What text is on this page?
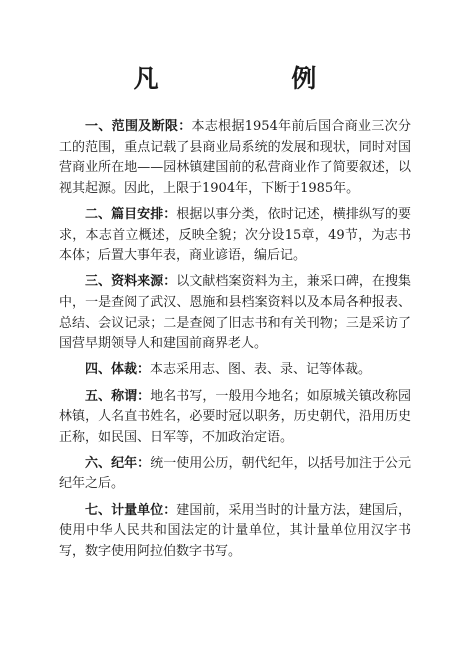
凡 例

一、范围及断限：本志根据1954年前后国合商业三次分工的范围，重点记载了县商业局系统的发展和现状，同时对国营商业所在地——园林镇建国前的私营商业作了简要叙述，以视其起源。因此，上限于1904年，下断于1985年。

二、篇目安排：根据以事分类，依时记述，横排纵写的要求，本志首立概述，反映全貌；次分设15章，49节，为志书本体；后置大事年表，商业谚语，编后记。

三、资料来源：以文献档案资料为主，兼采口碑，在搜集中，一是查阅了武汉、恩施和县档案资料以及本局各种报表、总结、会议记录；二是查阅了旧志书和有关刊物；三是采访了国营早期领导人和建国前商界老人。

四、体裁：本志采用志、图、表、录、记等体裁。

五、称谓：地名书写，一般用今地名；如原城关镇改称园林镇，人名直书姓名，必要时冠以职务，历史朝代，沿用历史正称，如民国、日军等，不加政治定语。

六、纪年：统一使用公历，朝代纪年，以括号加注于公元纪年之后。

七、计量单位：建国前，采用当时的计量方法，建国后，使用中华人民共和国法定的计量单位，其计量单位用汉字书写，数字使用阿拉伯数字书写。
